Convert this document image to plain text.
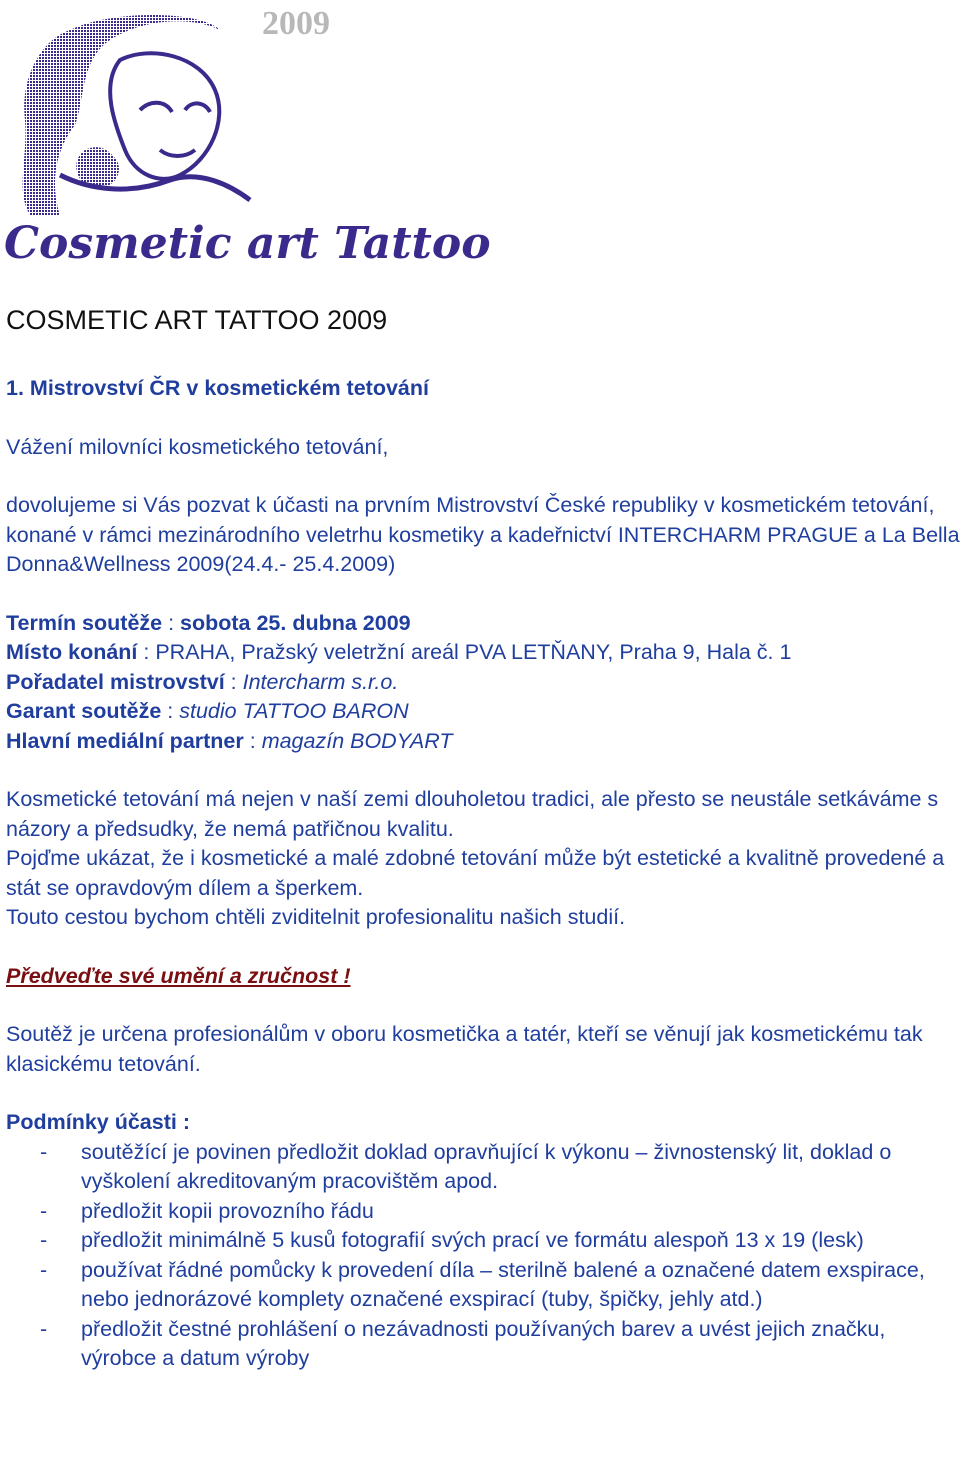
2009
Cosmetic art Tattoo
COSMETIC ART TATTOO 2009

1. Mistrovství ČR v kosmetickém tetování

Vážení milovníci kosmetického tetování,

dovolujeme si Vás pozvat k účasti na prvním Mistrovství České republiky v kosmetickém tetování, konané v rámci mezinárodního veletrhu kosmetiky a kadeřnictví INTERCHARM PRAGUE a La Bella Donna&Wellness 2009(24.4.- 25.4.2009)

Termín soutěže : sobota 25. dubna 2009

Místo konání : PRAHA, Pražský veletržní areál PVA LETŇANY, Praha 9, Hala č. 1

Pořadatel mistrovství : Intercharm s.r.o.

Garant soutěže : studio TATTOO BARON

Hlavní mediální partner : magazín BODYART

Kosmetické tetování má nejen v naší zemi dlouholetou tradici, ale přesto se neustále setkáváme s názory a předsudky, že nemá patřičnou kvalitu.

Pojďme ukázat, že i kosmetické a malé zdobné tetování může být estetické a kvalitně provedené a stát se opravdovým dílem a šperkem.

Touto cestou bychom chtěli zviditelnit profesionalitu našich studií.

Předveďte své umění a zručnost !

Soutěž je určena profesionálům v oboru kosmetička a tatér, kteří se věnují jak kosmetickému tak klasickému tetování.

Podmínky účasti :

- soutěžící je povinen předložit doklad opravňující k výkonu – živnostenský lit, doklad o vyškolení akreditovaným pracovištěm apod.
- předložit kopii provozního řádu
- předložit minimálně 5 kusů fotografií svých prací ve formátu alespoň 13 x 19 (lesk)
- používat řádné pomůcky k provedení díla – sterilně balené a označené datem exspirace, nebo jednorázové komplety označené exspirací (tuby, špičky, jehly atd.)
- předložit čestné prohlášení o nezávadnosti používaných barev a uvést jejich značku, výrobce a datum výroby
